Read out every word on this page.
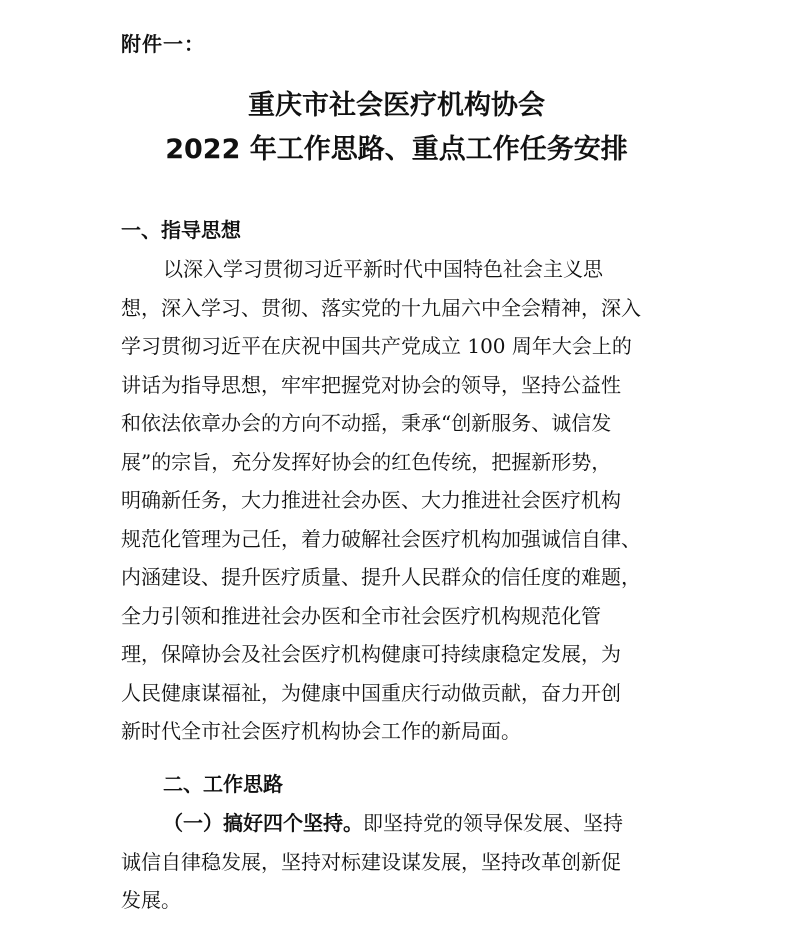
附件一：
重庆市社会医疗机构协会
2022 年工作思路、重点工作任务安排
一、指导思想
以深入学习贯彻习近平新时代中国特色社会主义思
想，深入学习、贯彻、落实党的十九届六中全会精神，深入
学习贯彻习近平在庆祝中国共产党成立 100 周年大会上的
讲话为指导思想，牢牢把握党对协会的领导，坚持公益性
和依法依章办会的方向不动摇，秉承“创新服务、诚信发
展”的宗旨，充分发挥好协会的红色传统，把握新形势，
明确新任务，大力推进社会办医、大力推进社会医疗机构
规范化管理为己任，着力破解社会医疗机构加强诚信自律、
内涵建设、提升医疗质量、提升人民群众的信任度的难题，
全力引领和推进社会办医和全市社会医疗机构规范化管
理，保障协会及社会医疗机构健康可持续康稳定发展，为
人民健康谋福祉，为健康中国重庆行动做贡献，奋力开创
新时代全市社会医疗机构协会工作的新局面。
二、工作思路
（一）搞好四个坚持。即坚持党的领导保发展、坚持
诚信自律稳发展，坚持对标建设谋发展，坚持改革创新促
发展。
